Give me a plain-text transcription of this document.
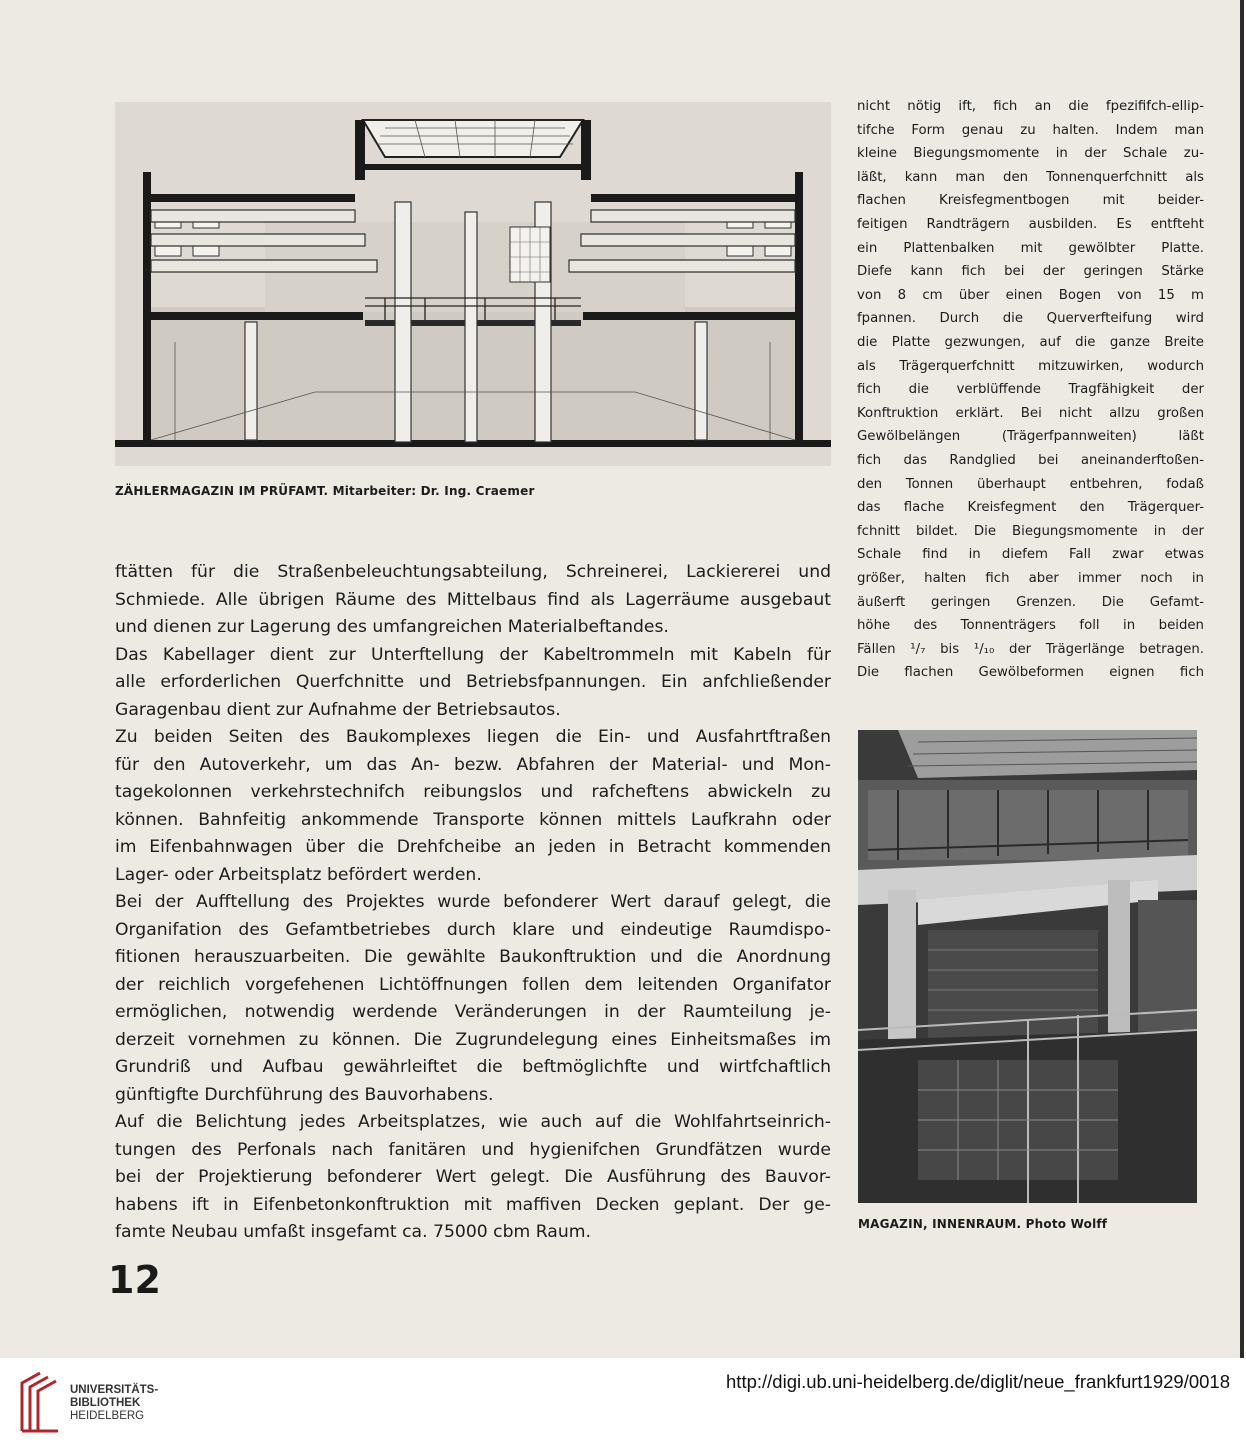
ZÄHLERMAGAZIN IM PRÜFAMT. Mitarbeiter: Dr. Ing. Craemer
nicht nötig ift, fich an die fpezififch-ellip-
tifche Form genau zu halten. Indem man
kleine Biegungsmomente in der Schale zu-
läßt, kann man den Tonnenquerfchnitt als
flachen Kreisfegmentbogen mit beider-
feitigen Randträgern ausbilden. Es entfteht
ein Plattenbalken mit gewölbter Platte.
Diefe kann fich bei der geringen Stärke
von 8 cm über einen Bogen von 15 m
fpannen. Durch die Querverfteifung wird
die Platte gezwungen, auf die ganze Breite
als Trägerquerfchnitt mitzuwirken, wodurch
fich die verblüffende Tragfähigkeit der
Konftruktion erklärt. Bei nicht allzu großen
Gewölbelängen (Trägerfpannweiten) läßt
fich das Randglied bei aneinanderftoßen-
den Tonnen überhaupt entbehren, fodaß
das flache Kreisfegment den Trägerquer-
fchnitt bildet. Die Biegungsmomente in der
Schale find in diefem Fall zwar etwas
größer, halten fich aber immer noch in
äußerft geringen Grenzen. Die Gefamt-
höhe des Tonnenträgers foll in beiden
Fällen ¹/₇ bis ¹/₁₀ der Trägerlänge betragen.
Die flachen Gewölbeformen eignen fich
ftätten für die Straßenbeleuchtungsabteilung, Schreinerei, Lackiererei und
Schmiede. Alle übrigen Räume des Mittelbaus find als Lagerräume ausgebaut
und dienen zur Lagerung des umfangreichen Materialbeftandes.
Das Kabellager dient zur Unterftellung der Kabeltrommeln mit Kabeln für
alle erforderlichen Querfchnitte und Betriebsfpannungen. Ein anfchließender
Garagenbau dient zur Aufnahme der Betriebsautos.
Zu beiden Seiten des Baukomplexes liegen die Ein- und Ausfahrtftraßen
für den Autoverkehr, um das An- bezw. Abfahren der Material- und Mon-
tagekolonnen verkehrstechnifch reibungslos und rafcheftens abwickeln zu
können. Bahnfeitig ankommende Transporte können mittels Laufkrahn oder
im Eifenbahnwagen über die Drehfcheibe an jeden in Betracht kommenden
Lager- oder Arbeitsplatz befördert werden.
Bei der Aufftellung des Projektes wurde befonderer Wert darauf gelegt, die
Organifation des Gefamtbetriebes durch klare und eindeutige Raumdispo-
fitionen herauszuarbeiten. Die gewählte Baukonftruktion und die Anordnung
der reichlich vorgefehenen Lichtöffnungen follen dem leitenden Organifator
ermöglichen, notwendig werdende Veränderungen in der Raumteilung je-
derzeit vornehmen zu können. Die Zugrundelegung eines Einheitsmaßes im
Grundriß und Aufbau gewährleiftet die beftmöglichfte und wirtfchaftlich
günftigfte Durchführung des Bauvorhabens.
Auf die Belichtung jedes Arbeitsplatzes, wie auch auf die Wohlfahrtseinrich-
tungen des Perfonals nach fanitären und hygienifchen Grundfätzen wurde
bei der Projektierung befonderer Wert gelegt. Die Ausführung des Bauvor-
habens ift in Eifenbetonkonftruktion mit maffiven Decken geplant. Der ge-
famte Neubau umfaßt insgefamt ca. 75000 cbm Raum.	MAGAZIN, INNENRAUM. Photo Wolff
12
UNIVERSITÄTS-
BIBLIOTHEK
HEIDELBERG
http://digi.ub.uni-heidelberg.de/diglit/neue_frankfurt1929/0018
